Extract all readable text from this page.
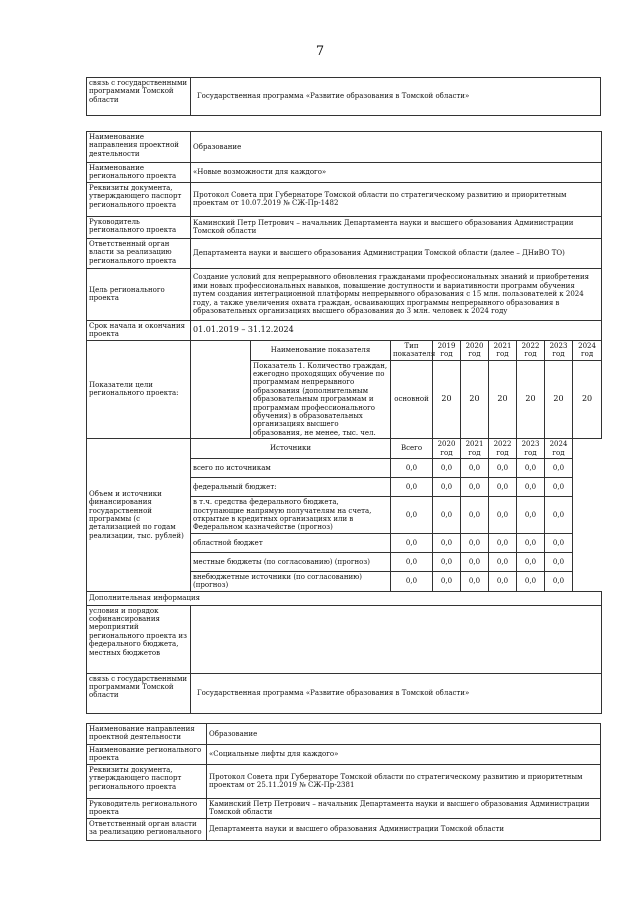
7
связь с государственными программами Томской области	Государственная программа «Развитие образования в Томской области»
Наименование направления проектной деятельности	Образование								
Наименование регионального проекта	«Новые возможности для каждого»								
Реквизиты документа, утверждающего паспорт регионального проекта	Протокол Совета при Губернаторе Томской области по стратегическому развитию и приоритетным проектам от 10.07.2019 № СЖ-Пр-1482								
Руководитель регионального проекта	Каминский Петр Петрович – начальник Департамента науки и высшего образования Администрации Томской области								
Ответственный орган власти за реализацию регионального проекта	Департамента науки и высшего образования Администрации Томской области (далее – ДНиВО ТО)								
Цель регионального проекта	Создание условий для непрерывного обновления гражданами профессиональных знаний и приобретения ими новых профессиональных навыков, повышение доступности и вариативности программ обучения путем создания интеграционной платформы непрерывного образования с 15 млн. пользователей к 2024 году, а также увеличения охвата граждан, осваивающих программы непрерывного образования в образовательных организациях высшего образования до 3 млн. человек к 2024 году								
Срок начала и окончания проекта	01.01.2019 – 31.12.2024								
Показатели цели регионального проекта:		Наименование показателя	Тип показателя	2019 год	2020 год	2021 год	2022 год	2023 год	2024 год
		Показатель 1. Количество граждан, ежегодно проходящих обучение по программам непрерывного образования (дополнительным образовательным программам и программам профессионального обучения) в образовательных организациях высшего образования, не менее, тыс. чел.	основной	20	20	20	20	20	20
Объем и источники финансирования государственной программы (с детализацией по годам реализации, тыс. рублей)	Источники		Всего	2020 год	2021 год	2022 год	2023 год	2024 год
	всего по источникам		0,0	0,0	0,0	0,0	0,0	0,0	
	федеральный бюджет:		0,0	0,0	0,0	0,0	0,0	0,0	
	в т.ч. средства федерального бюджета, поступающие напрямую получателям на счета, открытые в кредитных организациях или в Федеральном казначействе (прогноз)		0,0	0,0	0,0	0,0	0,0	0,0	
	областной бюджет		0,0	0,0	0,0	0,0	0,0	0,0	
	местные бюджеты (по согласованию) (прогноз)		0,0	0,0	0,0	0,0	0,0	0,0	
	внебюджетные источники (по согласованию) (прогноз)		0,0	0,0	0,0	0,0	0,0	0,0	
Дополнительная информация									
условия и порядок софинансирования мероприятий регионального проекта из федерального бюджета, местных бюджетов									
связь с государственными программами Томской области	Государственная программа «Развитие образования в Томской области»								
Наименование направления проектной деятельности	Образование
Наименование регионального проекта	«Социальные лифты для каждого»
Реквизиты документа, утверждающего паспорт регионального проекта	Протокол Совета при Губернаторе Томской области по стратегическому развитию и приоритетным проектам от 25.11.2019 № СЖ-Пр-2381
Руководитель регионального проекта	Каминский Петр Петрович – начальник Департамента науки и высшего образования Администрации Томской области
Ответственный орган власти за реализацию регионального	Департамента науки и высшего образования Администрации Томской области
